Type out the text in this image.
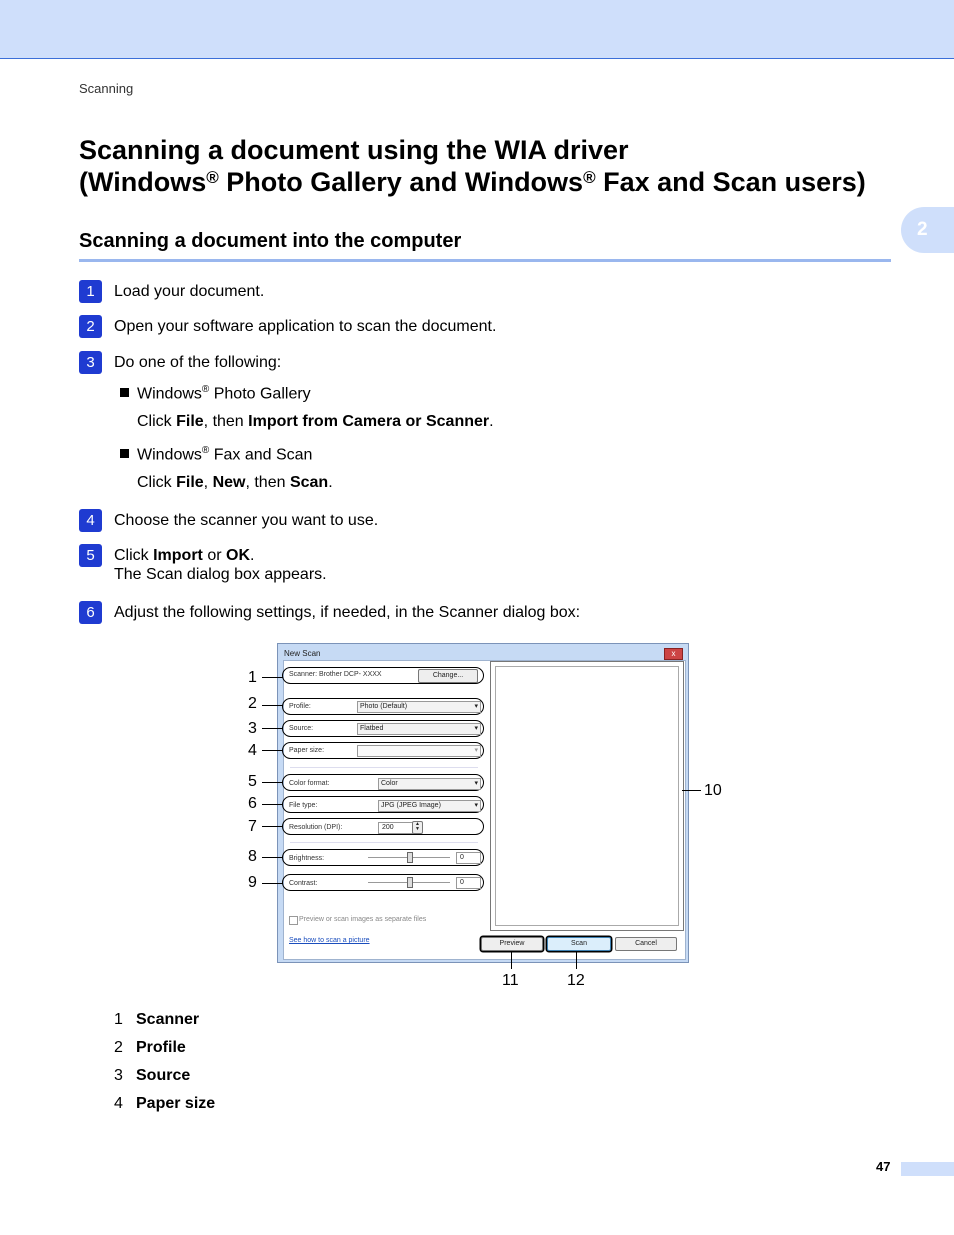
Scanning
Scanning a document using the WIA driver
(Windows® Photo Gallery and Windows® Fax and Scan users)
2
Scanning a document into the computer
1	Load your document.
2	Open your software application to scan the document.
3	Do one of the following:
Windows® Photo Gallery
Click File, then Import from Camera or Scanner.
Windows® Fax and Scan
Click File, New, then Scan.
4	Choose the scanner you want to use.
5	Click Import or OK.
The Scan dialog box appears.
6	Adjust the following settings, if needed, in the Scanner dialog box:
New Scan	x
Scanner: Brother DCP- XXXX	Change...
Profile:	Photo (Default) ▾
Source:	Flatbed ▾
Paper size:
▾
Color format:	Color ▾
File type:	JPG (JPEG Image) ▾
Resolution (DPI):	200	▲
▼
Brightness:	0
Contrast:	0
Preview or scan images as separate files
See how to scan a picture	Preview	Scan	Cancel
1
2
3
4
5
6
7
8
9
10
11	12
1 Scanner
2 Profile
3 Source
4 Paper size
47
